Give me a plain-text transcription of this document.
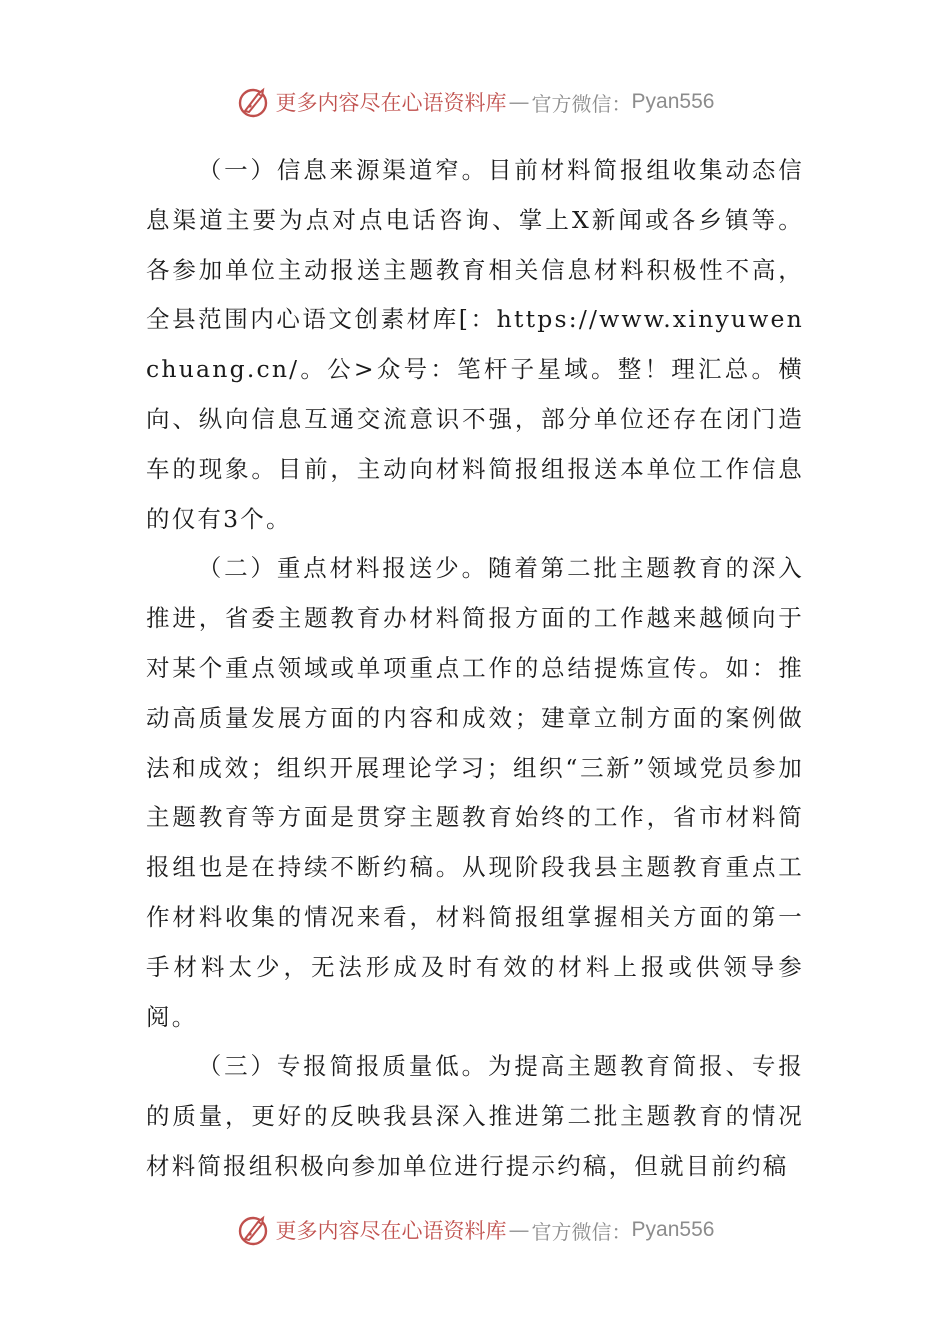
更多内容尽在心语资料库 — 官方微信： Pyan556

（一）信息来源渠道窄。目前材料简报组收集动态信息渠道主要为点对点电话咨询、掌上X新闻或各乡镇等。各参加单位主动报送主题教育相关信息材料积极性不高，全县范围内心语文创素材库[：https://www.xinyuwenchuang.cn/。公>众号：笔杆子星域。整！理汇总。横向、纵向信息互通交流意识不强，部分单位还存在闭门造车的现象。目前，主动向材料简报组报送本单位工作信息的仅有3个。

（二）重点材料报送少。随着第二批主题教育的深入推进，省委主题教育办材料简报方面的工作越来越倾向于对某个重点领域或单项重点工作的总结提炼宣传。如：推动高质量发展方面的内容和成效；建章立制方面的案例做法和成效；组织开展理论学习；组织“三新”领域党员参加主题教育等方面是贯穿主题教育始终的工作，省市材料简报组也是在持续不断约稿。从现阶段我县主题教育重点工作材料收集的情况来看，材料简报组掌握相关方面的第一手材料太少，无法形成及时有效的材料上报或供领导参阅。

（三）专报简报质量低。为提高主题教育简报、专报的质量，更好的反映我县深入推进第二批主题教育的情况材料简报组积极向参加单位进行提示约稿，但就目前约稿

更多内容尽在心语资料库 — 官方微信： Pyan556
